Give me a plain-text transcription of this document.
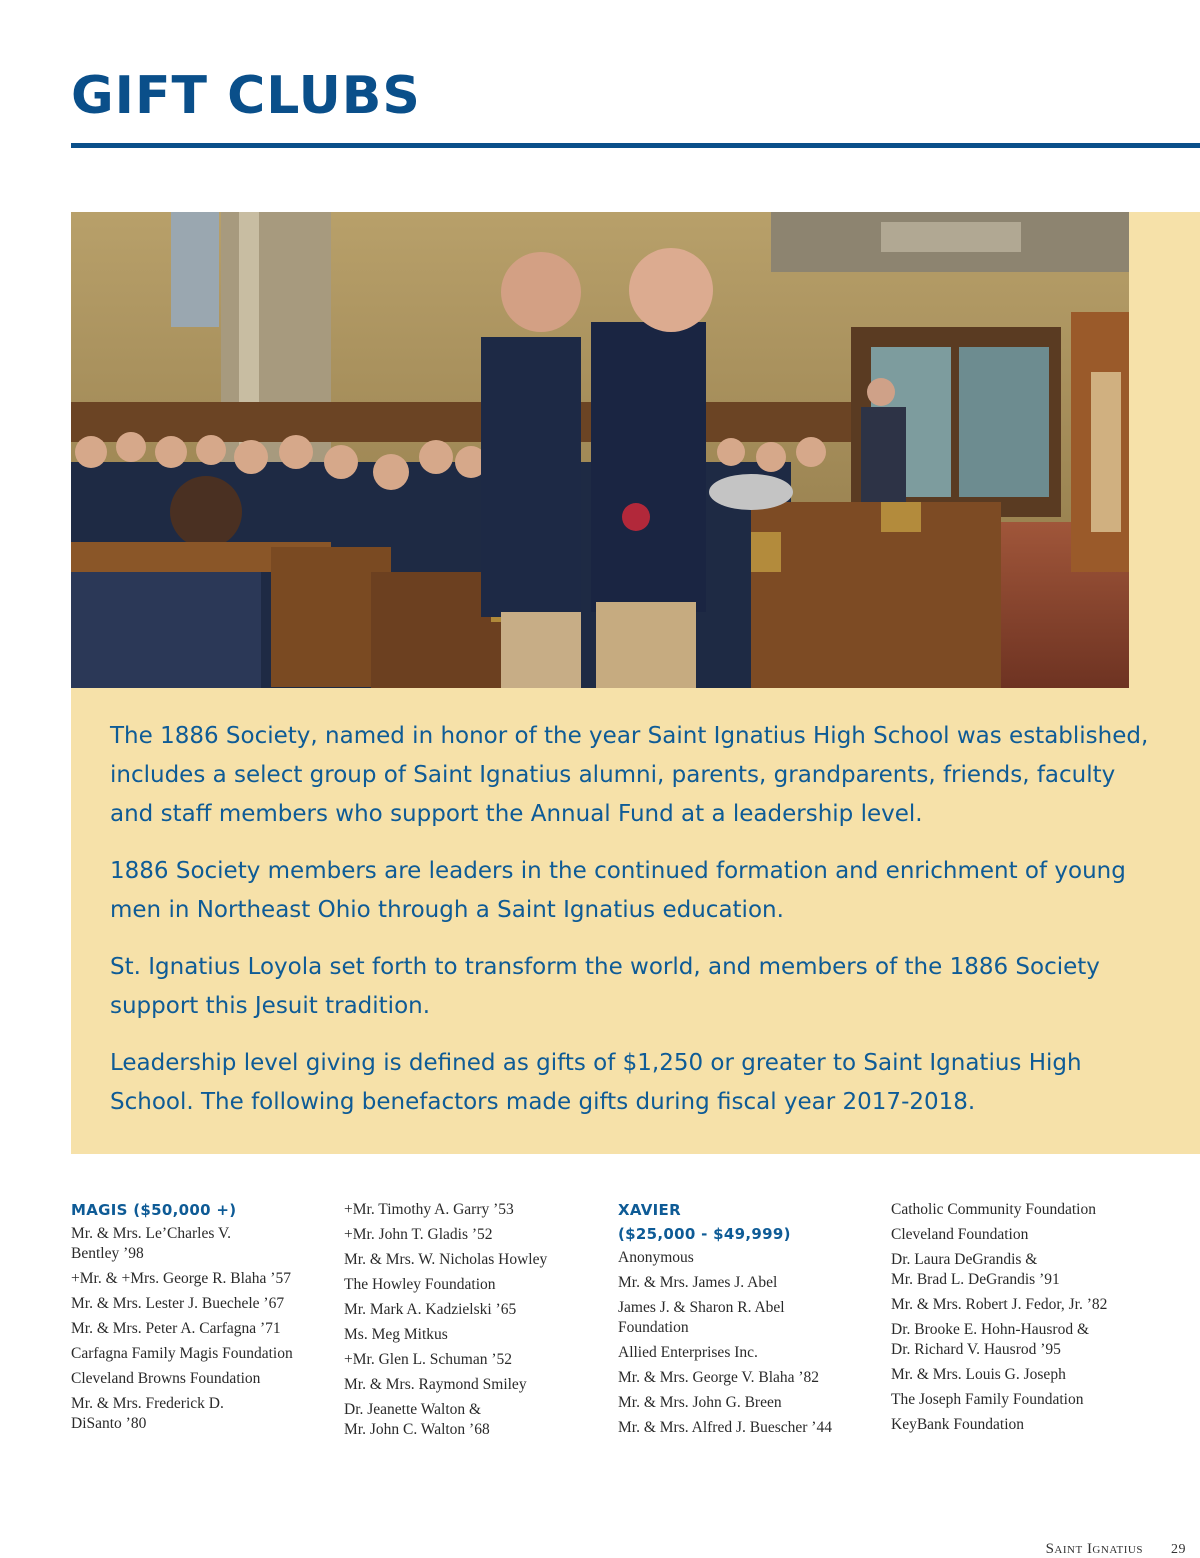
GIFT CLUBS

The 1886 Society, named in honor of the year Saint Ignatius High School was established, includes a select group of Saint Ignatius alumni, parents, grandparents, friends, faculty and staff members who support the Annual Fund at a leadership level.

1886 Society members are leaders in the continued formation and enrichment of young men in Northeast Ohio through a Saint Ignatius education.

St. Ignatius Loyola set forth to transform the world, and members of the 1886 Society support this Jesuit tradition.

Leadership level giving is defined as gifts of $1,250 or greater to Saint Ignatius High School. The following benefactors made gifts during fiscal year 2017-2018.

MAGIS ($50,000 +)
Mr. & Mrs. Le’Charles V.
Bentley ’98
+Mr. & +Mrs. George R. Blaha ’57
Mr. & Mrs. Lester J. Buechele ’67
Mr. & Mrs. Peter A. Carfagna ’71
Carfagna Family Magis Foundation
Cleveland Browns Foundation
Mr. & Mrs. Frederick D.
DiSanto ’80
+Mr. Timothy A. Garry ’53
+Mr. John T. Gladis ’52
Mr. & Mrs. W. Nicholas Howley
The Howley Foundation
Mr. Mark A. Kadzielski ’65
Ms. Meg Mitkus
+Mr. Glen L. Schuman ’52
Mr. & Mrs. Raymond Smiley
Dr. Jeanette Walton &
Mr. John C. Walton ’68
XAVIER
($25,000 - $49,999)
Anonymous
Mr. & Mrs. James J. Abel
James J. & Sharon R. Abel
Foundation
Allied Enterprises Inc.
Mr. & Mrs. George V. Blaha ’82
Mr. & Mrs. John G. Breen
Mr. & Mrs. Alfred J. Buescher ’44
Catholic Community Foundation
Cleveland Foundation
Dr. Laura DeGrandis &
Mr. Brad L. DeGrandis ’91
Mr. & Mrs. Robert J. Fedor, Jr. ’82
Dr. Brooke E. Hohn-Hausrod &
Dr. Richard V. Hausrod ’95
Mr. & Mrs. Louis G. Joseph
The Joseph Family Foundation
KeyBank Foundation
Saint Ignatius 29
